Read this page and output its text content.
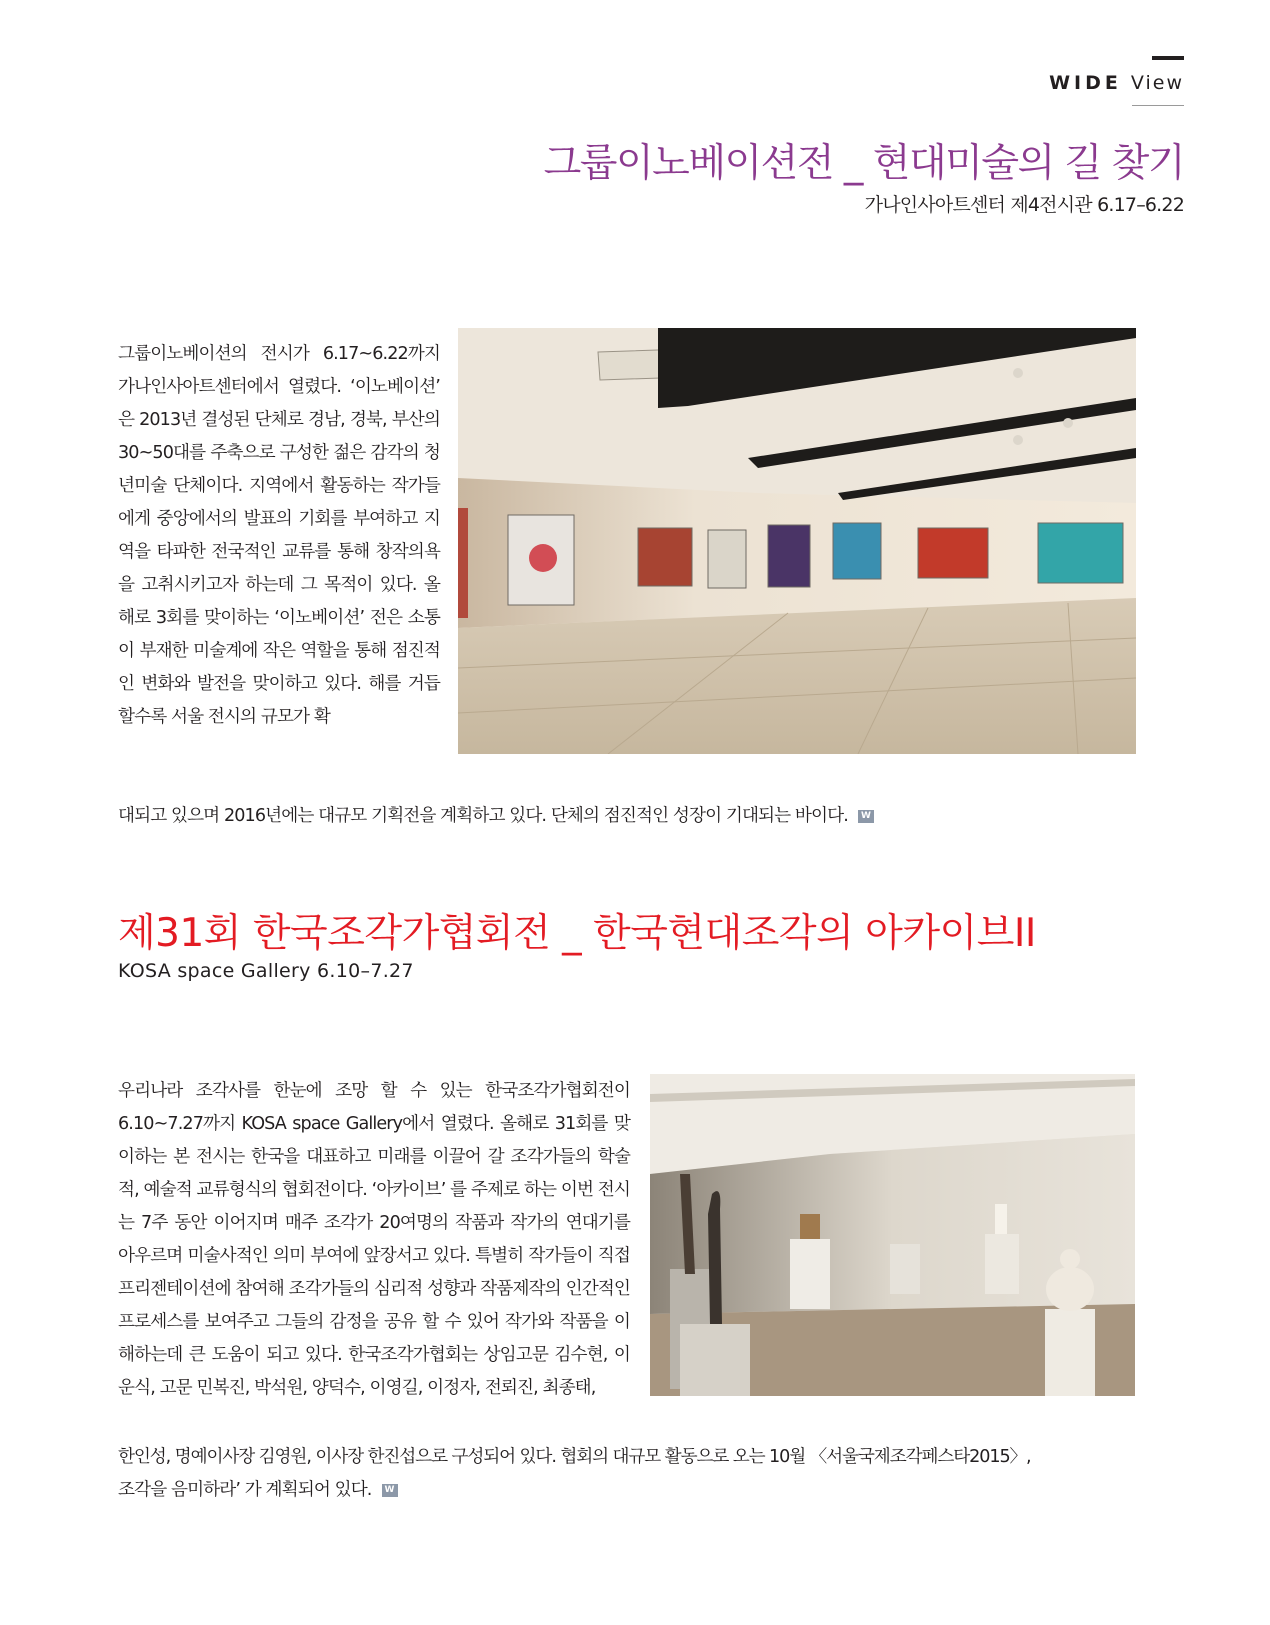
WIDE View
그룹이노베이션전 _ 현대미술의 길 찾기
가나인사아트센터 제4전시관 6.17–6.22

그룹이노베이션의 전시가 6.17~6.22까지 가나인사아트센터에서 열렸다. ‘이노베이션’ 은 2013년 결성된 단체로 경남, 경북, 부산의 30~50대를 주축으로 구성한 젊은 감각의 청년미술 단체이다. 지역에서 활동하는 작가들에게 중앙에서의 발표의 기회를 부여하고 지역을 타파한 전국적인 교류를 통해 창작의욕을 고취시키고자 하는데 그 목적이 있다. 올해로 3회를 맞이하는 ‘이노베이션’ 전은 소통이 부재한 미술계에 작은 역할을 통해 점진적인 변화와 발전을 맞이하고 있다. 해를 거듭할수록 서울 전시의 규모가 확

대되고 있으며 2016년에는 대규모 기획전을 계획하고 있다. 단체의 점진적인 성장이 기대되는 바이다. W
제31회 한국조각가협회전 _ 한국현대조각의 아카이브II
KOSA space Gallery 6.10–7.27

우리나라 조각사를 한눈에 조망 할 수 있는 한국조각가협회전이 6.10~7.27까지 KOSA space Gallery에서 열렸다. 올해로 31회를 맞이하는 본 전시는 한국을 대표하고 미래를 이끌어 갈 조각가들의 학술적, 예술적 교류형식의 협회전이다. ‘아카이브’ 를 주제로 하는 이번 전시는 7주 동안 이어지며 매주 조각가 20여명의 작품과 작가의 연대기를 아우르며 미술사적인 의미 부여에 앞장서고 있다. 특별히 작가들이 직접 프리젠테이션에 참여해 조각가들의 심리적 성향과 작품제작의 인간적인 프로세스를 보여주고 그들의 감정을 공유 할 수 있어 작가와 작품을 이해하는데 큰 도움이 되고 있다. 한국조각가협회는 상임고문 김수현, 이운식, 고문 민복진, 박석원, 양덕수, 이영길, 이정자, 전뢰진, 최종태,

한인성, 명예이사장 김영원, 이사장 한진섭으로 구성되어 있다. 협회의 대규모 활동으로 오는 10월 〈서울국제조각페스타2015〉,
조각을 음미하라’ 가 계획되어 있다. W
